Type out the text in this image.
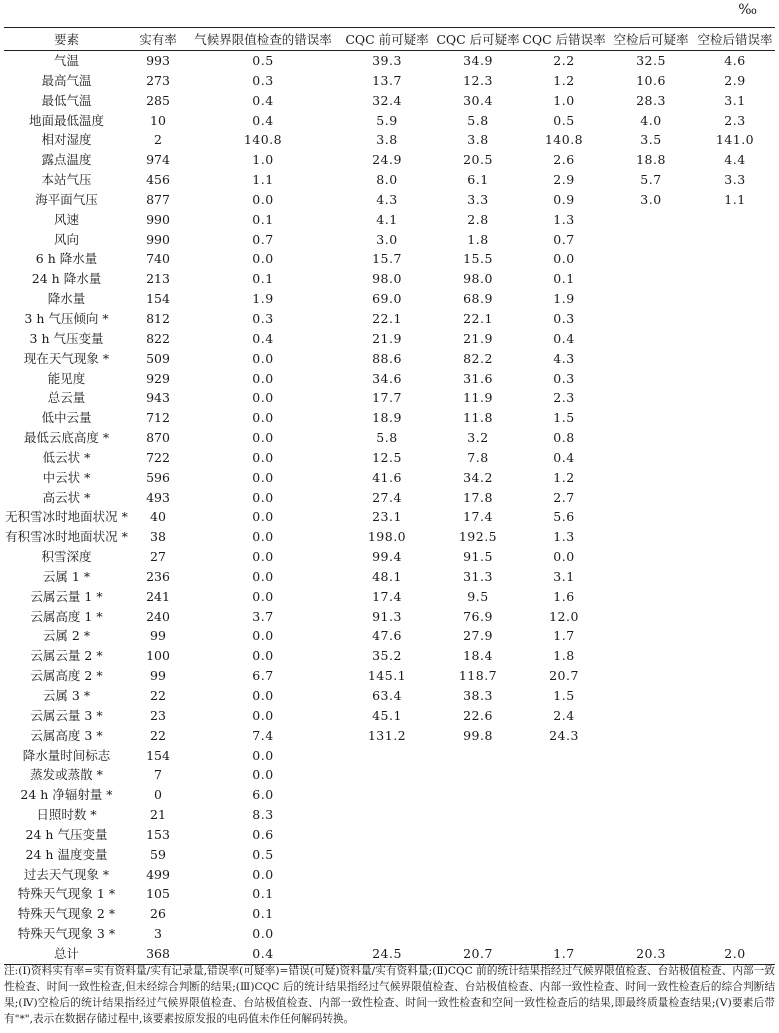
‰
要素	实有率	气候界限值检查的错误率	CQC 前可疑率	CQC 后可疑率	CQC 后错误率	空检后可疑率	空检后错误率
气温	993	0.5	39.3	34.9	2.2	32.5	4.6
最高气温	273	0.3	13.7	12.3	1.2	10.6	2.9
最低气温	285	0.4	32.4	30.4	1.0	28.3	3.1
地面最低温度	10	0.4	5.9	5.8	0.5	4.0	2.3
相对湿度	2	140.8	3.8	3.8	140.8	3.5	141.0
露点温度	974	1.0	24.9	20.5	2.6	18.8	4.4
本站气压	456	1.1	8.0	6.1	2.9	5.7	3.3
海平面气压	877	0.0	4.3	3.3	0.9	3.0	1.1
风速	990	0.1	4.1	2.8	1.3		
风向	990	0.7	3.0	1.8	0.7		
6 h 降水量	740	0.0	15.7	15.5	0.0		
24 h 降水量	213	0.1	98.0	98.0	0.1		
降水量	154	1.9	69.0	68.9	1.9		
3 h 气压倾向 *	812	0.3	22.1	22.1	0.3		
3 h 气压变量	822	0.4	21.9	21.9	0.4		
现在天气现象 *	509	0.0	88.6	82.2	4.3		
能见度	929	0.0	34.6	31.6	0.3		
总云量	943	0.0	17.7	11.9	2.3		
低中云量	712	0.0	18.9	11.8	1.5		
最低云底高度 *	870	0.0	5.8	3.2	0.8		
低云状 *	722	0.0	12.5	7.8	0.4		
中云状 *	596	0.0	41.6	34.2	1.2		
高云状 *	493	0.0	27.4	17.8	2.7		
无积雪冰时地面状况 *	40	0.0	23.1	17.4	5.6		
有积雪冰时地面状况 *	38	0.0	198.0	192.5	1.3		
积雪深度	27	0.0	99.4	91.5	0.0		
云属 1 *	236	0.0	48.1	31.3	3.1		
云属云量 1 *	241	0.0	17.4	9.5	1.6		
云属高度 1 *	240	3.7	91.3	76.9	12.0		
云属 2 *	99	0.0	47.6	27.9	1.7		
云属云量 2 *	100	0.0	35.2	18.4	1.8		
云属高度 2 *	99	6.7	145.1	118.7	20.7		
云属 3 *	22	0.0	63.4	38.3	1.5		
云属云量 3 *	23	0.0	45.1	22.6	2.4		
云属高度 3 *	22	7.4	131.2	99.8	24.3		
降水量时间标志	154	0.0					
蒸发或蒸散 *	7	0.0					
24 h 净辐射量 *	0	6.0					
日照时数 *	21	8.3					
24 h 气压变量	153	0.6					
24 h 温度变量	59	0.5					
过去天气现象 *	499	0.0					
特殊天气现象 1 *	105	0.1					
特殊天气现象 2 *	26	0.1					
特殊天气现象 3 *	3	0.0					
总计	368	0.4	24.5	20.7	1.7	20.3	2.0
注:(Ⅰ)资料实有率=实有资料量/实有记录量,错误率(可疑率)=错误(可疑)资料量/实有资料量;(Ⅱ)CQC 前的统计结果指经过气候界限值检查、台站极值检查、内部一致性检查、时间一致性检查,但未经综合判断的结果;(Ⅲ)CQC 后的统计结果指经过气候界限值检查、台站极值检查、内部一致性检查、时间一致性检查后的综合判断结果;(Ⅳ)空检后的统计结果指经过气候界限值检查、台站极值检查、内部一致性检查、时间一致性检查和空间一致性检查后的结果,即最终质量检查结果;(Ⅴ)要素后带有"*",表示在数据存储过程中,该要素按原发报的电码值未作任何解码转换。
